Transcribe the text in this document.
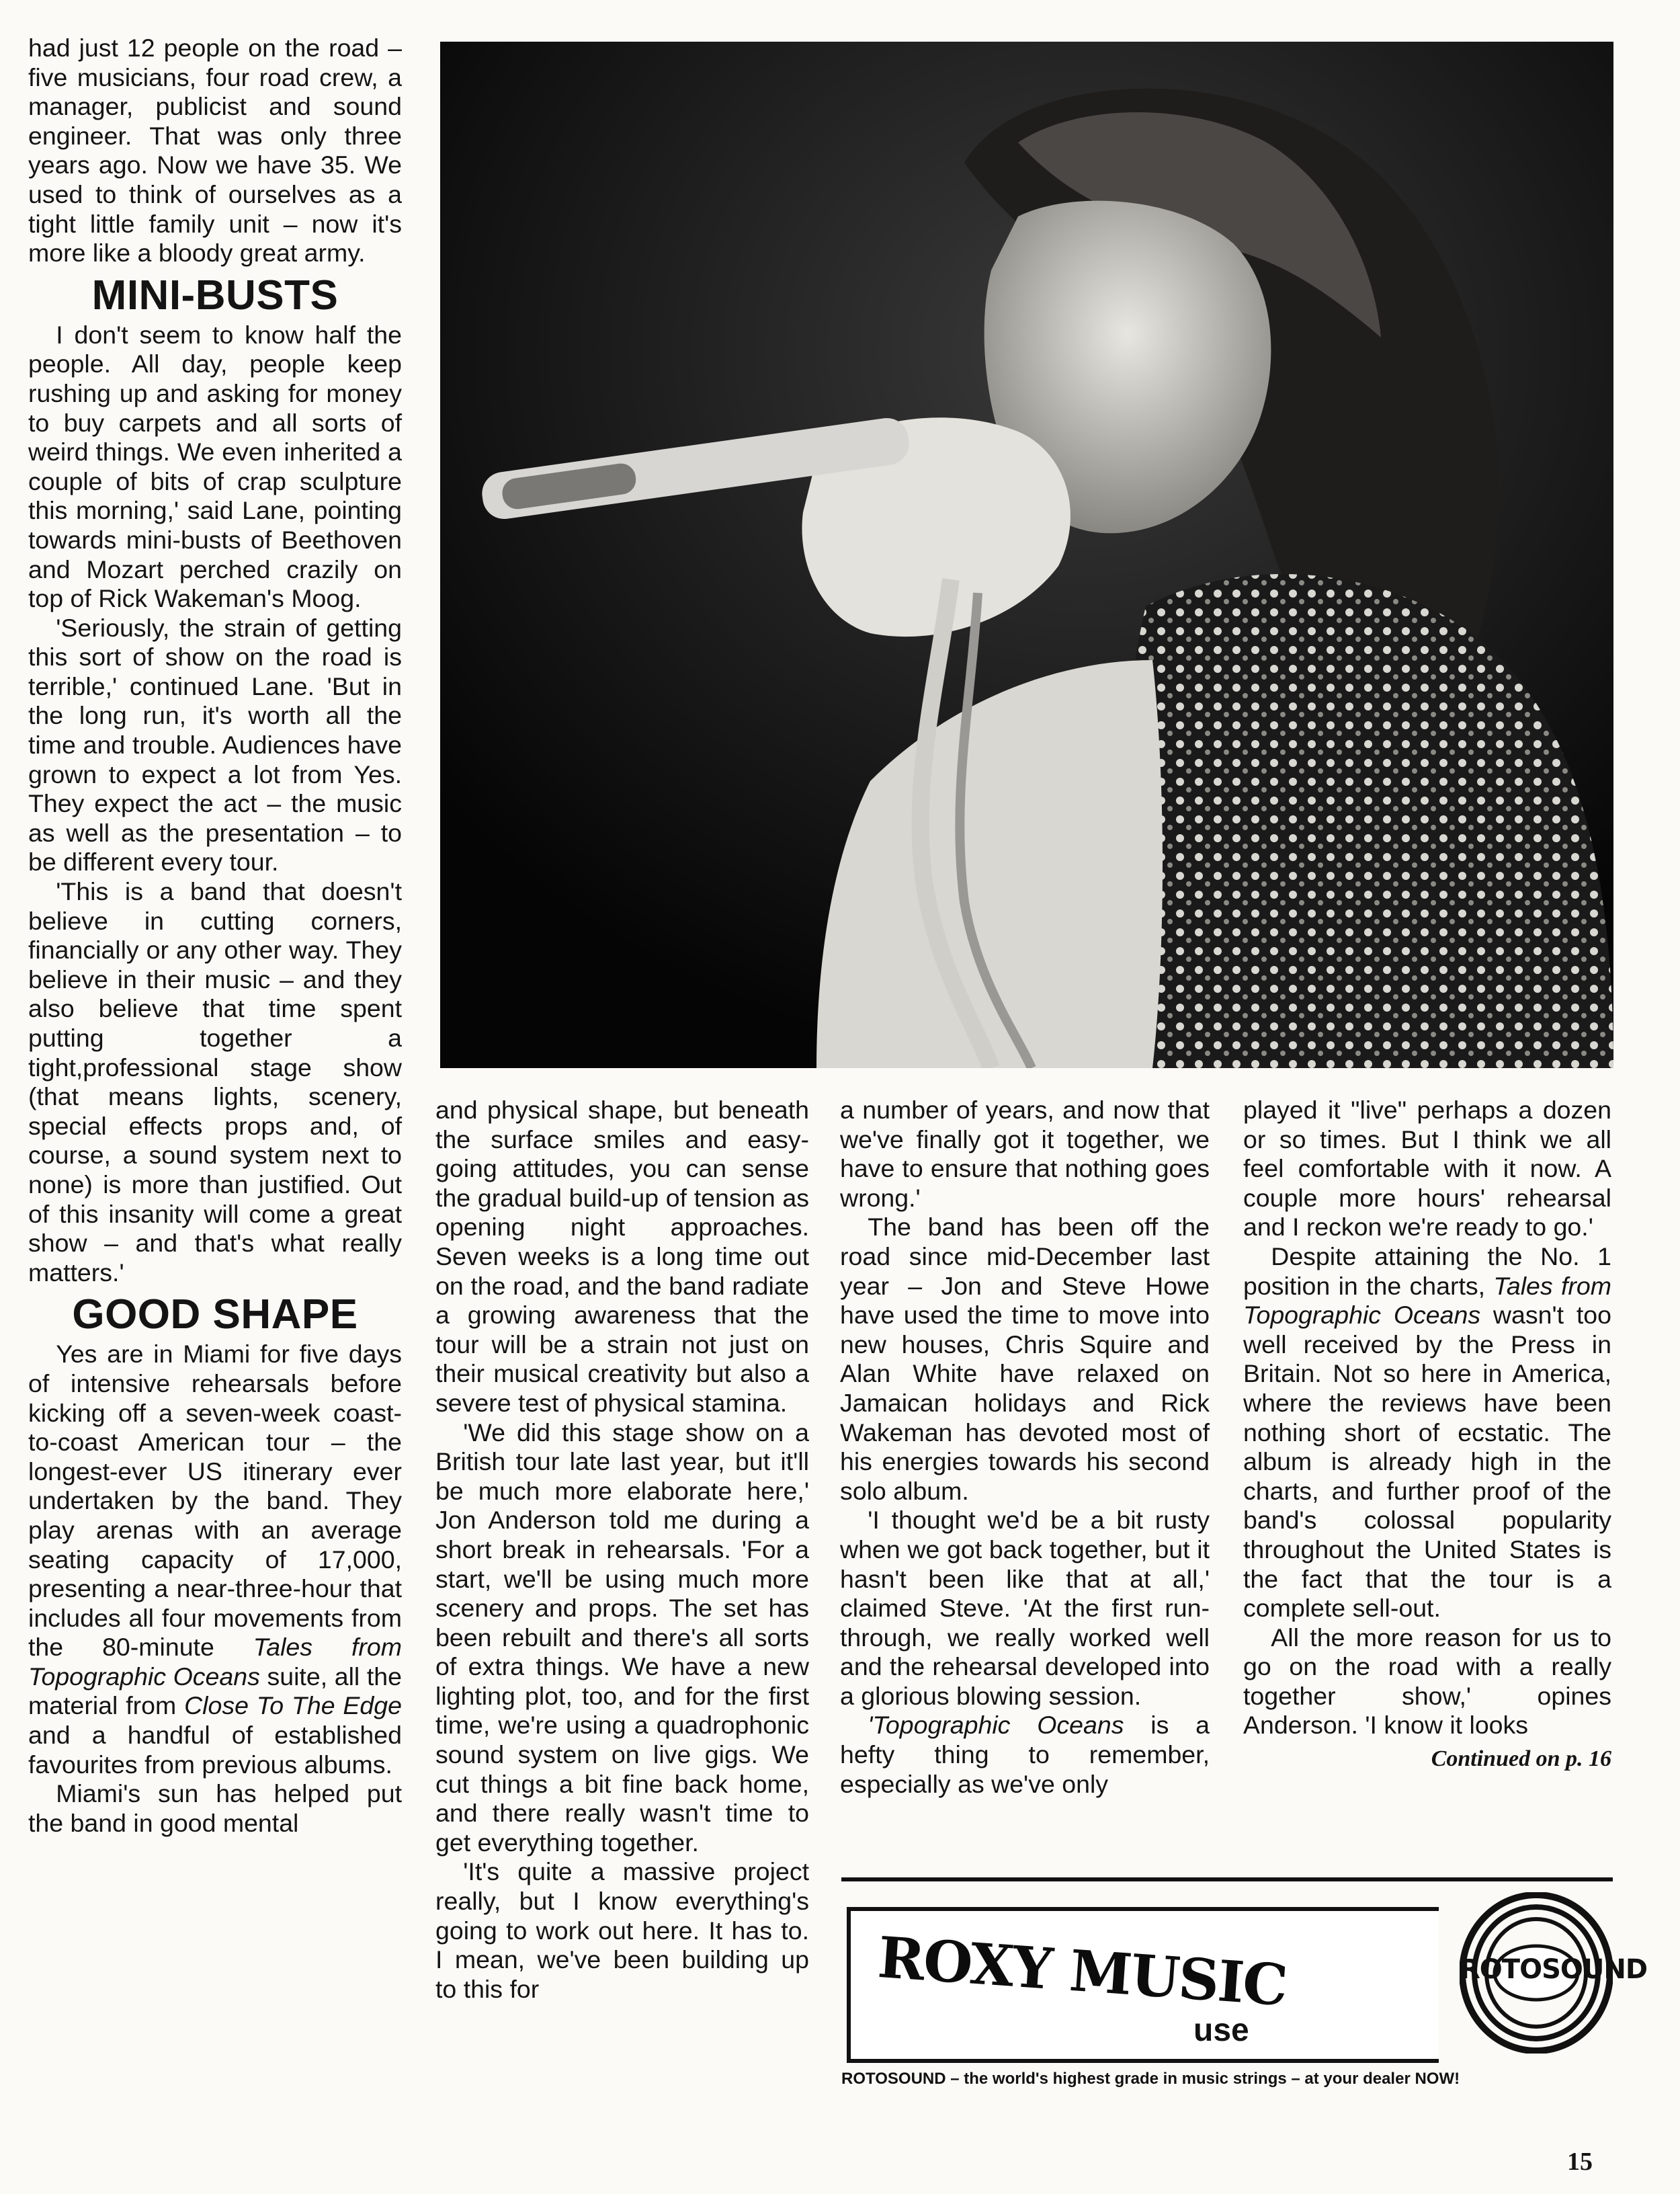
had just 12 people on the road – five musicians, four road crew, a manager, publicist and sound engineer. That was only three years ago. Now we have 35. We used to think of ourselves as a tight little family unit – now it's more like a bloody great army.

MINI-BUSTS

I don't seem to know half the people. All day, people keep rushing up and asking for money to buy carpets and all sorts of weird things. We even inherited a couple of bits of crap sculpture this morning,' said Lane, pointing towards mini-busts of Beethoven and Mozart perched crazily on top of Rick Wakeman's Moog.

'Seriously, the strain of getting this sort of show on the road is terrible,' continued Lane. 'But in the long run, it's worth all the time and trouble. Audiences have grown to expect a lot from Yes. They expect the act – the music as well as the presentation – to be different every tour.

'This is a band that doesn't believe in cutting corners, financially or any other way. They believe in their music – and they also believe that time spent putting together a tight,professional stage show (that means lights, scenery, special effects props and, of course, a sound system next to none) is more than justified. Out of this insanity will come a great show – and that's what really matters.'

GOOD SHAPE

Yes are in Miami for five days of intensive rehearsals before kicking off a seven-week coast-to-coast American tour – the longest-ever US itinerary ever undertaken by the band. They play arenas with an average seating capacity of 17,000, presenting a near-three-hour that includes all four movements from the 80-minute Tales from Topographic Oceans suite, all the material from Close To The Edge and a handful of established favourites from previous albums.

Miami's sun has helped put the band in good mental

and physical shape, but beneath the surface smiles and easy-going attitudes, you can sense the gradual build-up of tension as opening night approaches. Seven weeks is a long time out on the road, and the band radiate a growing awareness that the tour will be a strain not just on their musical creativity but also a severe test of physical stamina.

'We did this stage show on a British tour late last year, but it'll be much more elaborate here,' Jon Anderson told me during a short break in rehearsals. 'For a start, we'll be using much more scenery and props. The set has been rebuilt and there's all sorts of extra things. We have a new lighting plot, too, and for the first time, we're using a quadrophonic sound system on live gigs. We cut things a bit fine back home, and there really wasn't time to get everything together.

'It's quite a massive project really, but I know everything's going to work out here. It has to. I mean, we've been building up to this for

a number of years, and now that we've finally got it together, we have to ensure that nothing goes wrong.'

The band has been off the road since mid-December last year – Jon and Steve Howe have used the time to move into new houses, Chris Squire and Alan White have relaxed on Jamaican holidays and Rick Wakeman has devoted most of his energies towards his second solo album.

'I thought we'd be a bit rusty when we got back together, but it hasn't been like that at all,' claimed Steve. 'At the first run-through, we really worked well and the rehearsal developed into a glorious blowing session.

'Topographic Oceans is a hefty thing to remember, especially as we've only

played it "live" perhaps a dozen or so times. But I think we all feel comfortable with it now. A couple more hours' rehearsal and I reckon we're ready to go.'

Despite attaining the No. 1 position in the charts, Tales from Topographic Oceans wasn't too well received by the Press in Britain. Not so here in America, where the reviews have been nothing short of ecstatic. The album is already high in the charts, and further proof of the band's colossal popularity throughout the United States is the fact that the tour is a complete sell-out.

All the more reason for us to go on the road with a really together show,' opines Anderson. 'I know it looks

Continued on p. 16

ROXY MUSIC
use
ROTOSOUND
ROTOSOUND – the world's highest grade in music strings – at your dealer NOW!
15
